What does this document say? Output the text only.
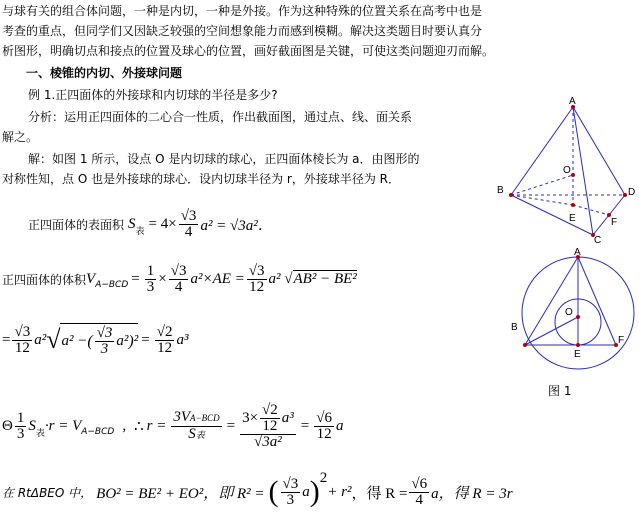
与球有关的组合体问题，一种是内切，一种是外接。作为这种特殊的位置关系在高考中也是
考查的重点，但同学们又因缺乏较强的空间想象能力而感到模糊。解决这类题目时要认真分
析图形，明确切点和接点的位置及球心的位置，画好截面图是关键，可使这类问题迎刃而解。
一、棱锥的内切、外接球问题
例 1.正四面体的外接球和内切球的半径是多少?
分析：运用正四面体的二心合一性质，作出截面图，通过点、线、面关系
解之。
解：如图 1 所示，设点 O 是内切球的球心，正四面体棱长为 a．由图形的
对称性知，点 O 也是外接球的球心．设内切球半径为 r，外接球半径为 R．
正四面体的表面积 S 表 = $4\times \frac{√3}{4} a^2 = √3a^2$．
正四面体的体积 V $A-BCD = \frac{1}{3} \times \frac{√3}{4} a^2\times AE = \frac{√3}{12} a^2$ √AB² − BE²
= $\frac{√3}{12} a^2$ √ a² − ( $\frac{√3}{3} a^2$ ) $^2 = \frac{√2}{12} a^3$
Θ $\frac{1}{3}$ S 表 ·r = V A−BCD , ∴ $r = \frac{\text{3VA−BCD}}{\text{S表}} = \frac{3\times \frac{√2}{12} a^3}{\text{√3a²}} = \frac{√6}{12}$ a
在 RtΔBEO 中， BO² = BE² + EO²，即 R² = ( $\frac{√3}{3}$ a ) 2
+ r² ，得 $R = \frac{√6}{4}$ a，得 R = 3r
A
B
C
D
O
E	F
A
B
F
O
E
图 1
